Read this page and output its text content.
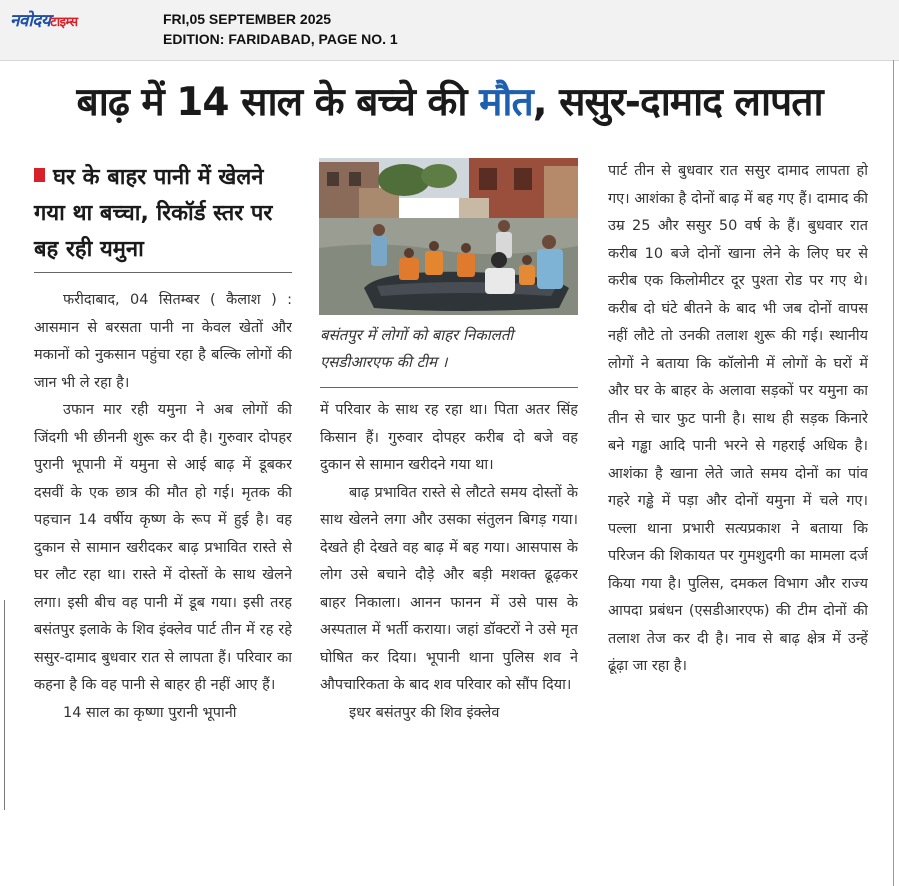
नवोदयटाइम्स	FRI,05 SEPTEMBER 2025
EDITION: FARIDABAD, PAGE NO. 1
बाढ़ में 14 साल के बच्चे की मौत, ससुर-दामाद लापता
घर के बाहर पानी में खेलने गया था बच्चा, रिकॉर्ड स्तर पर बह रही यमुना

फरीदाबाद, 04 सितम्बर ( कैलाश ) : आसमान से बरसता पानी ना केवल खेतों और मकानों को नुकसान पहुंचा रहा है बल्कि लोगों की जान भी ले रहा है।

उफान मार रही यमुना ने अब लोगों की जिंदगी भी छीननी शुरू कर दी है। गुरुवार दोपहर पुरानी भूपानी में यमुना से आई बाढ़ में डूबकर दसवीं के एक छात्र की मौत हो गई। मृतक की पहचान 14 वर्षीय कृष्ण के रूप में हुई है। वह दुकान से सामान खरीदकर बाढ़ प्रभावित रास्ते से घर लौट रहा था। रास्ते में दोस्तों के साथ खेलने लगा। इसी बीच वह पानी में डूब गया। इसी तरह बसंतपुर इलाके के शिव इंक्लेव पार्ट तीन में रह रहे ससुर-दामाद बुधवार रात से लापता हैं। परिवार का कहना है कि वह पानी से बाहर ही नहीं आए हैं।

14 साल का कृष्णा पुरानी भूपानी

बसंतपुर में लोगों को बाहर निकालती एसडीआरएफ की टीम ।

में परिवार के साथ रह रहा था। पिता अतर सिंह किसान हैं। गुरुवार दोपहर करीब दो बजे वह दुकान से सामान खरीदने गया था।

बाढ़ प्रभावित रास्ते से लौटते समय दोस्तों के साथ खेलने लगा और उसका संतुलन बिगड़ गया। देखते ही देखते वह बाढ़ में बह गया। आसपास के लोग उसे बचाने दौड़े और बड़ी मशक्त ढूढ़कर बाहर निकाला। आनन फानन में उसे पास के अस्पताल में भर्ती कराया। जहां डॉक्टरों ने उसे मृत घोषित कर दिया। भूपानी थाना पुलिस शव ने औपचारिकता के बाद शव परिवार को सौंप दिया।

इधर बसंतपुर की शिव इंक्लेव

पार्ट तीन से बुधवार रात ससुर दामाद लापता हो गए। आशंका है दोनों बाढ़ में बह गए हैं। दामाद की उम्र 25 और ससुर 50 वर्ष के हैं। बुधवार रात करीब 10 बजे दोनों खाना लेने के लिए घर से करीब एक किलोमीटर दूर पुश्ता रोड पर गए थे। करीब दो घंटे बीतने के बाद भी जब दोनों वापस नहीं लौटे तो उनकी तलाश शुरू की गई। स्थानीय लोगों ने बताया कि कॉलोनी में लोगों के घरों में और घर के बाहर के अलावा सड़कों पर यमुना का तीन से चार फुट पानी है। साथ ही सड़क किनारे बने गड्ढा आदि पानी भरने से गहराई अधिक है। आशंका है खाना लेते जाते समय दोनों का पांव गहरे गड्ढे में पड़ा और दोनों यमुना में चले गए। पल्ला थाना प्रभारी सत्यप्रकाश ने बताया कि परिजन की शिकायत पर गुमशुदगी का मामला दर्ज किया गया है। पुलिस, दमकल विभाग और राज्य आपदा प्रबंधन (एसडीआरएफ) की टीम दोनों की तलाश तेज कर दी है। नाव से बाढ़ क्षेत्र में उन्हें ढूंढ़ा जा रहा है।
